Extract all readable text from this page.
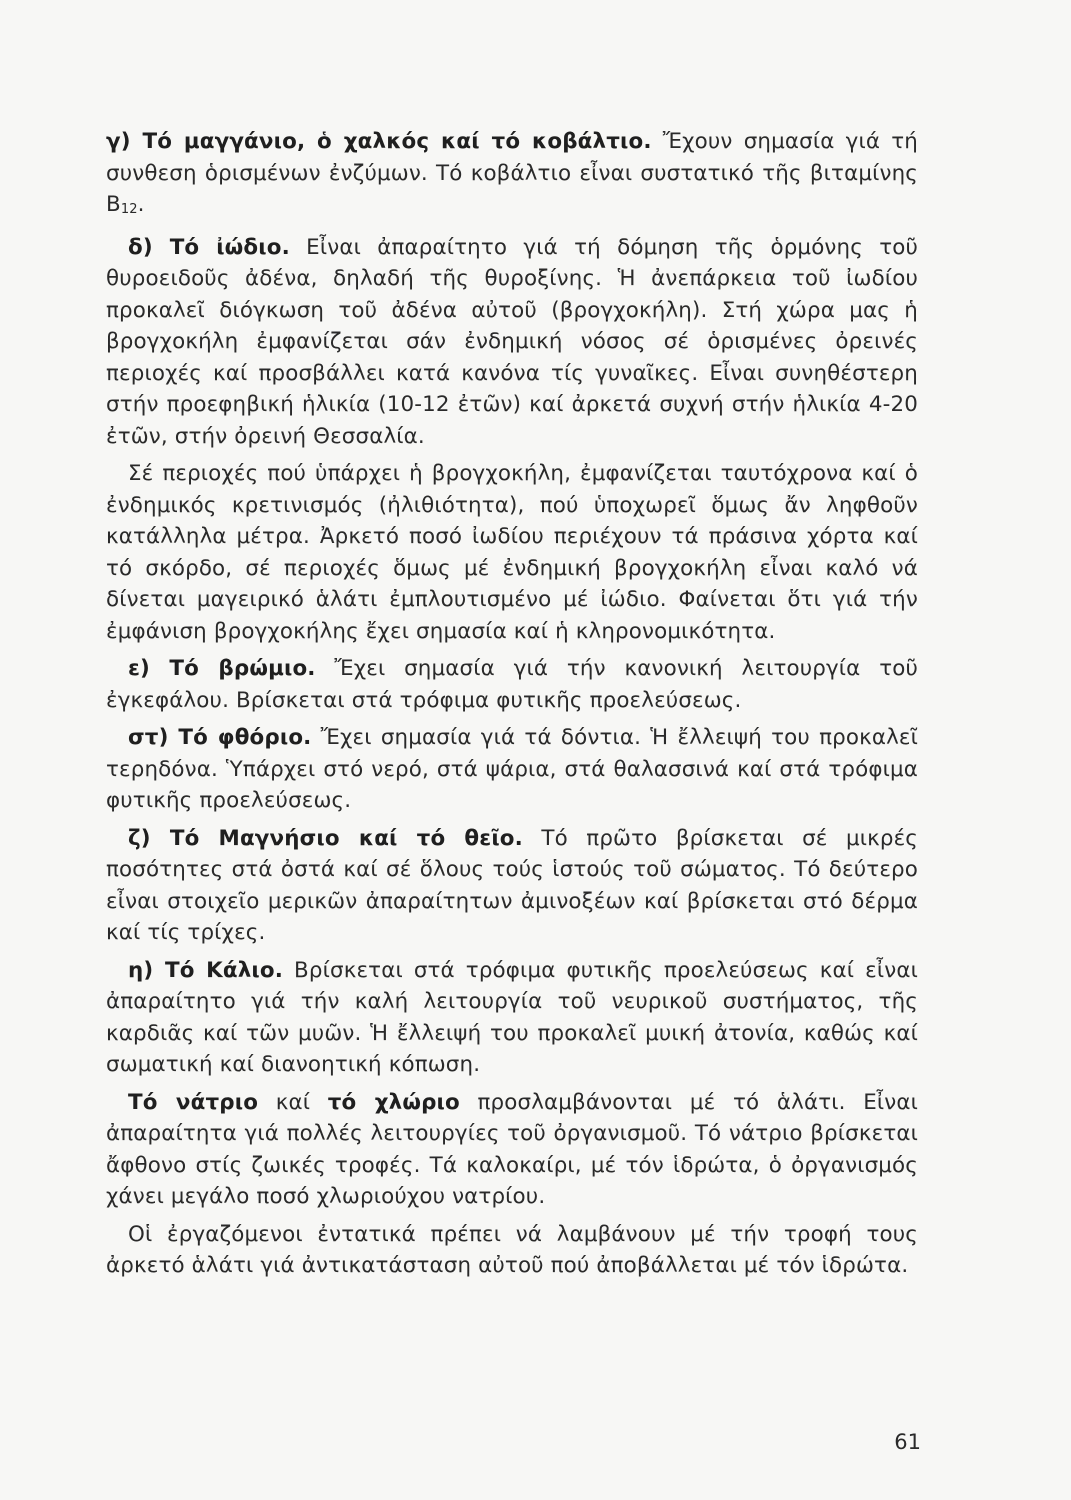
γ) Τό μαγγάνιο, ὁ χαλκός καί τό κοβάλτιο. Ἔχουν σημασία γιά τή συνθεση ὁρισμένων ἐνζύμων. Τό κοβάλτιο εἶναι συστατικό τῆς βιταμίνης $B_{12}$.

δ) Τό ἰώδιο. Εἶναι ἀπαραίτητο γιά τή δόμηση τῆς ὁρμόνης τοῦ θυροειδοῦς ἀδένα, δηλαδή τῆς θυροξίνης. Ἡ ἀνεπάρκεια τοῦ ἰωδίου προκαλεῖ διόγκωση τοῦ ἀδένα αὐτοῦ (βρογχοκήλη). Στή χώρα μας ἡ βρογχοκήλη ἐμφανίζεται σάν ἐνδημική νόσος σέ ὁρισμένες ὀρεινές περιοχές καί προσβάλλει κατά κανόνα τίς γυναῖκες. Εἶναι συνηθέστερη στήν προεφηβική ἡλικία (10-12 ἐτῶν) καί ἀρκετά συχνή στήν ἡλικία 4-20 ἐτῶν, στήν ὀρεινή Θεσσαλία.

Σέ περιοχές πού ὑπάρχει ἡ βρογχοκήλη, ἐμφανίζεται ταυτόχρονα καί ὁ ἐνδημικός κρετινισμός (ἠλιθιότητα), πού ὑποχωρεῖ ὅμως ἄν ληφθοῦν κατάλληλα μέτρα. Ἀρκετό ποσό ἰωδίου περιέχουν τά πράσινα χόρτα καί τό σκόρδο, σέ περιοχές ὅμως μέ ἐνδημική βρογχοκήλη εἶναι καλό νά δίνεται μαγειρικό ἁλάτι ἐμπλουτισμένο μέ ἰώδιο. Φαίνεται ὅτι γιά τήν ἐμφάνιση βρογχοκήλης ἔχει σημασία καί ἡ κληρονομικότητα.

ε) Τό βρώμιο. Ἔχει σημασία γιά τήν κανονική λειτουργία τοῦ ἐγκεφάλου. Βρίσκεται στά τρόφιμα φυτικῆς προελεύσεως.

στ) Τό φθόριο. Ἔχει σημασία γιά τά δόντια. Ἡ ἔλλειψή του προκαλεῖ τερηδόνα. Ὑπάρχει στό νερό, στά ψάρια, στά θαλασσινά καί στά τρόφιμα φυτικῆς προελεύσεως.

ζ) Τό Μαγνήσιο καί τό θεῖο. Τό πρῶτο βρίσκεται σέ μικρές ποσότητες στά ὀστά καί σέ ὅλους τούς ἱστούς τοῦ σώματος. Τό δεύτερο εἶναι στοιχεῖο μερικῶν ἀπαραίτητων ἀμινοξέων καί βρίσκεται στό δέρμα καί τίς τρίχες.

η) Τό Κάλιο. Βρίσκεται στά τρόφιμα φυτικῆς προελεύσεως καί εἶναι ἀπαραίτητο γιά τήν καλή λειτουργία τοῦ νευρικοῦ συστήματος, τῆς καρδιᾶς καί τῶν μυῶν. Ἡ ἔλλειψή του προκαλεῖ μυική ἀτονία, καθώς καί σωματική καί διανοητική κόπωση.

Τό νάτριο καί τό χλώριο προσλαμβάνονται μέ τό ἁλάτι. Εἶναι ἀπαραίτητα γιά πολλές λειτουργίες τοῦ ὀργανισμοῦ. Τό νάτριο βρίσκεται ἄφθονο στίς ζωικές τροφές. Τά καλοκαίρι, μέ τόν ἱδρώτα, ὁ ὀργανισμός χάνει μεγάλο ποσό χλωριούχου νατρίου.

Οἱ ἐργαζόμενοι ἐντατικά πρέπει νά λαμβάνουν μέ τήν τροφή τους ἀρκετό ἁλάτι γιά ἀντικατάσταση αὐτοῦ πού ἀποβάλλεται μέ τόν ἱδρώτα.

61
